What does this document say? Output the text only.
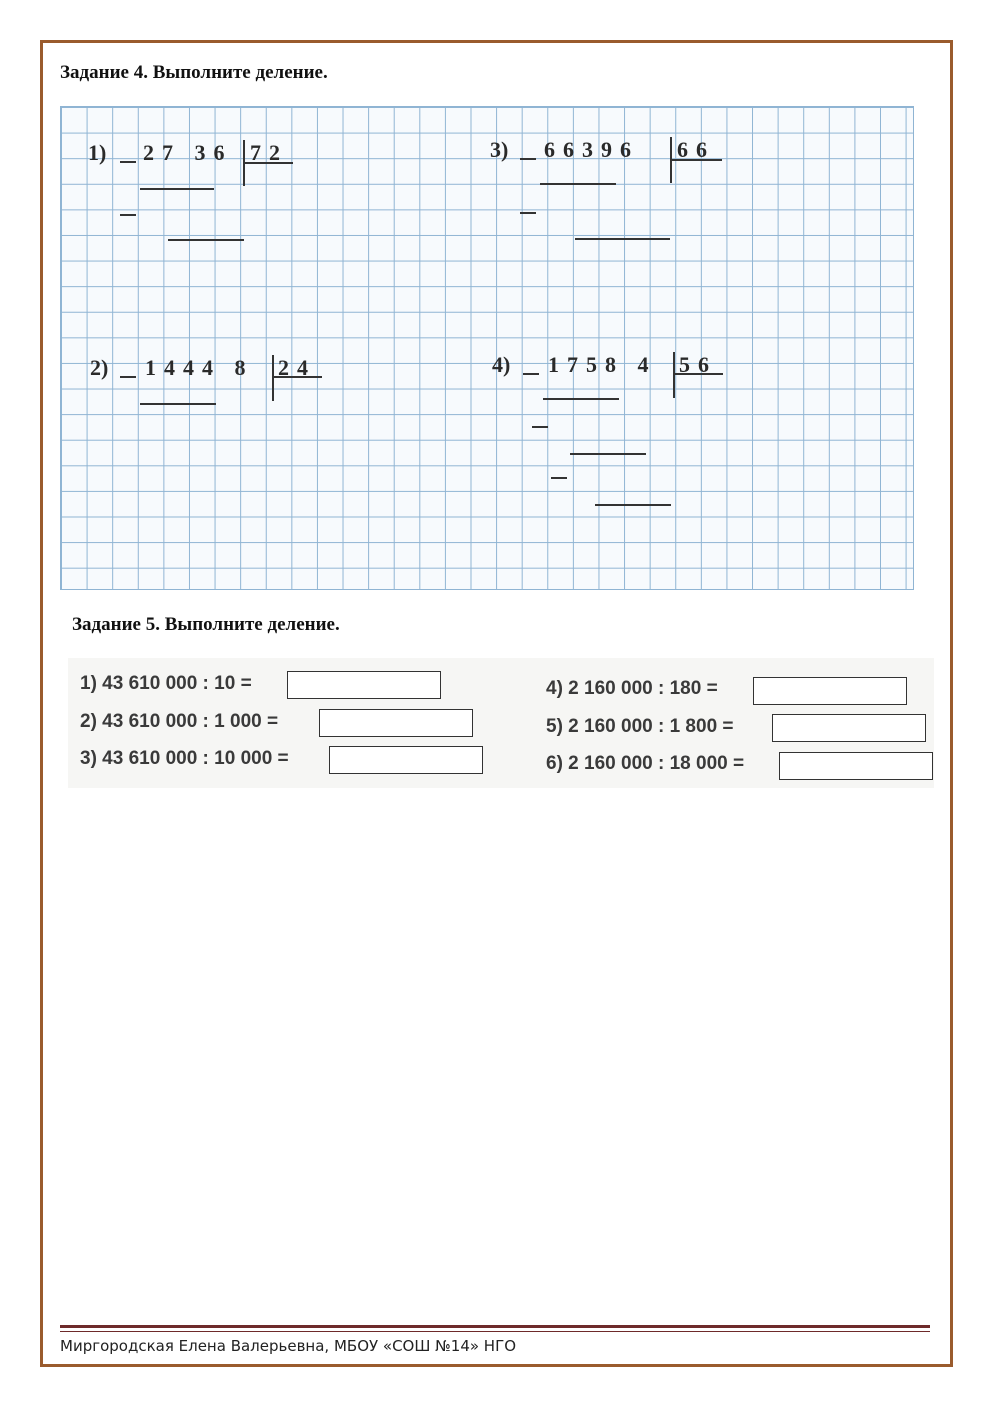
Задание 4. Выполните деление.
1) 27 36 72	3) 66396 66
2) 1444 8 24	4) 1758 4 56
Задание 5. Выполните деление.
1) 43 610 000 : 10 =
2) 43 610 000 : 1 000 =
3) 43 610 000 : 10 000 =
4) 2 160 000 : 180 =
5) 2 160 000 : 1 800 =
6) 2 160 000 : 18 000 =
Миргородская Елена Валерьевна, МБОУ «СОШ №14» НГО
